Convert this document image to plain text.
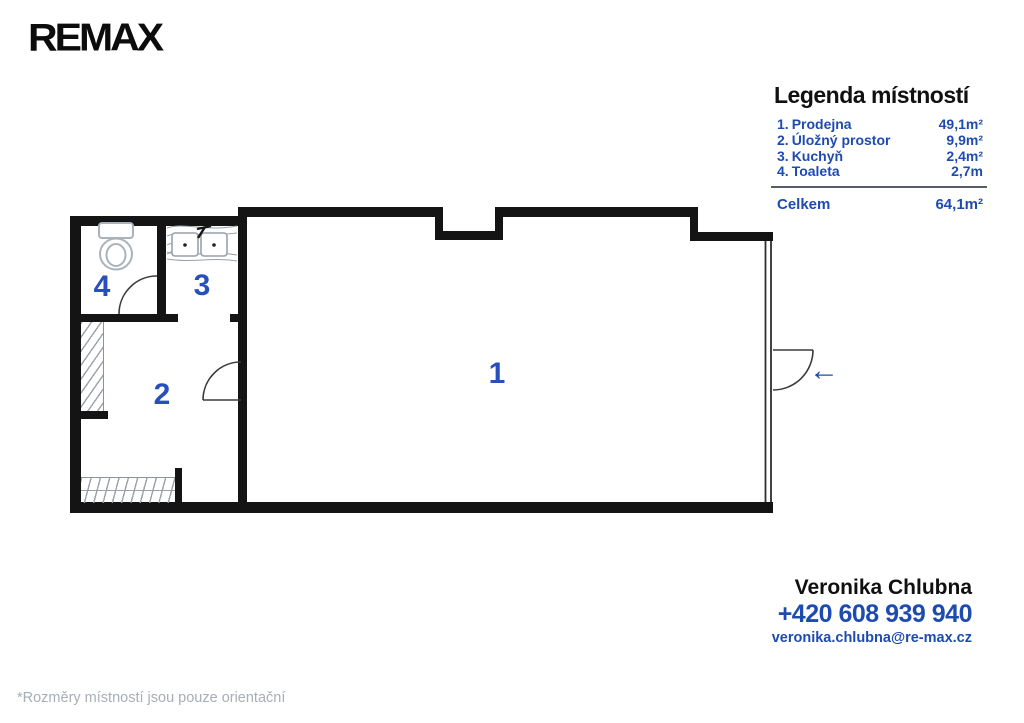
REMAX
Legenda místností
1. Prodejna	49,1m²
2. Úložný prostor	9,9m²
3. Kuchyň	2,4m²
4. Toaleta	2,7m
Celkem	64,1m²
1
2
3
4
←
Veronika Chlubna
+420 608 939 940
veronika.chlubna@re-max.cz
*Rozměry místností jsou pouze orientační
